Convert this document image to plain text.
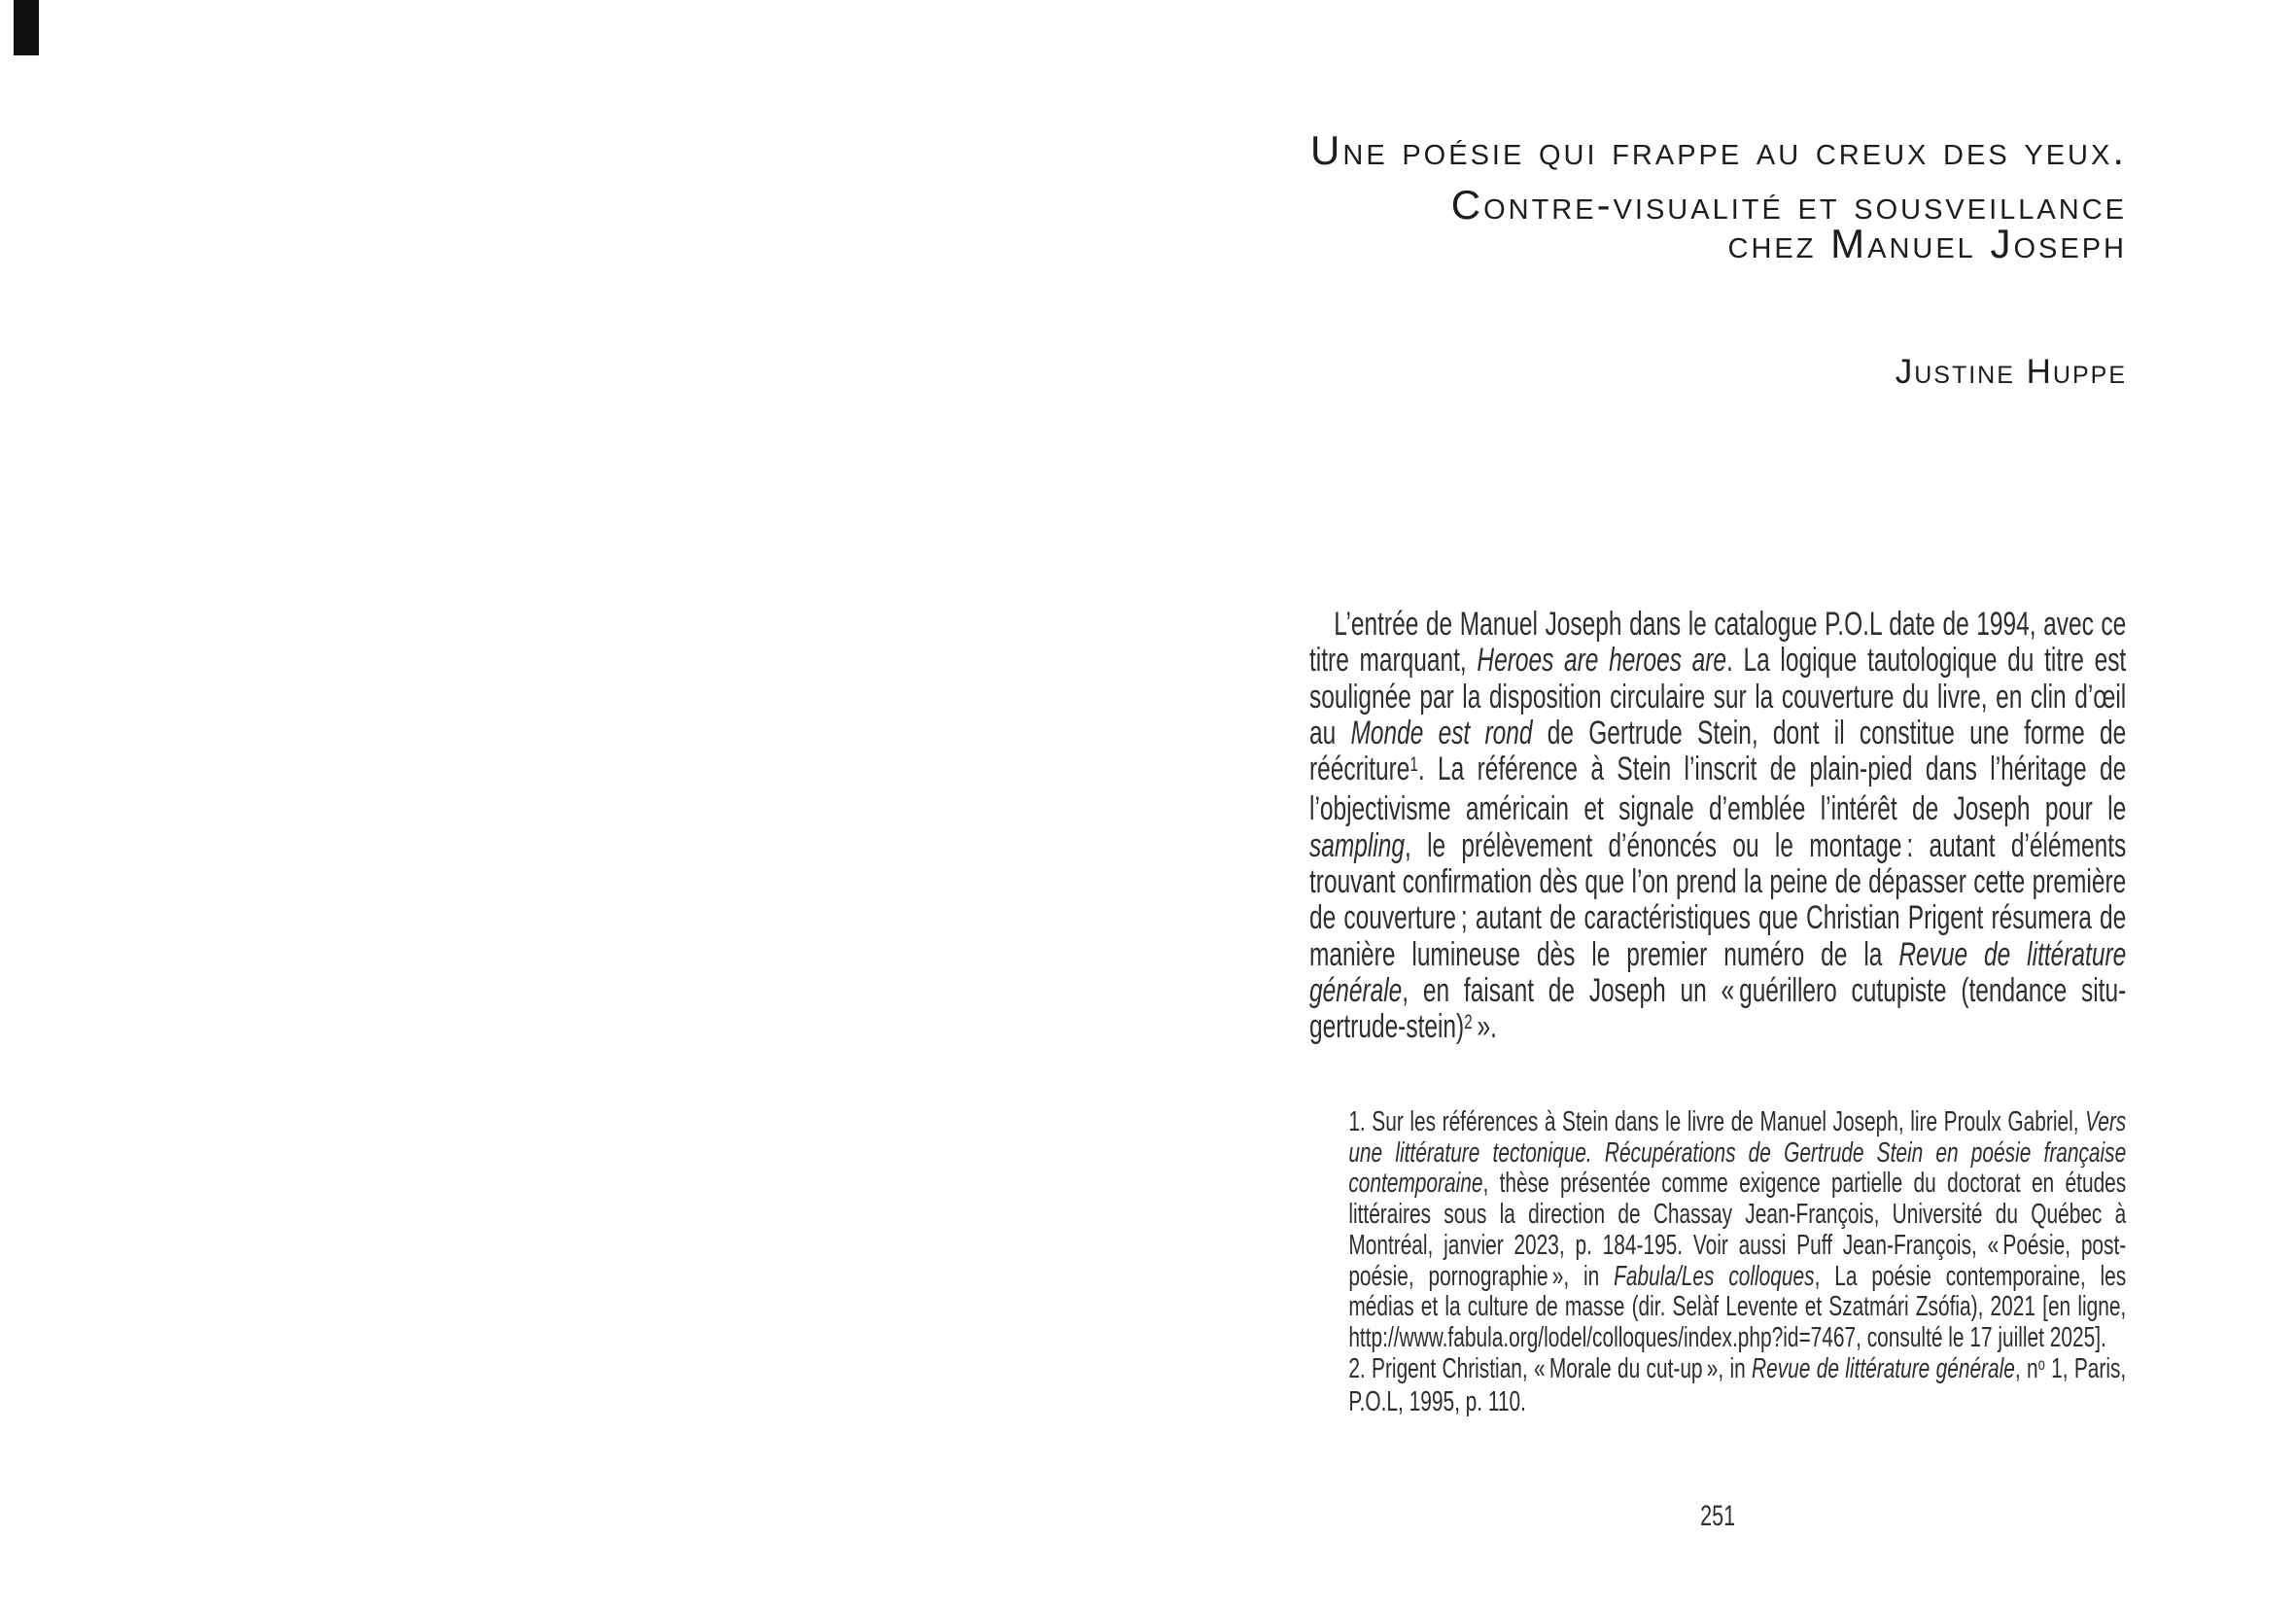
Une poésie qui frappe au creux des yeux.
Contre-visualité et sousveillance
chez Manuel Joseph
Justine Huppe

L’entrée de Manuel Joseph dans le catalogue P.O.L date de 1994, avec ce titre marquant, Heroes are heroes are. La logique tautologique du titre est soulignée par la disposition circulaire sur la couverture du livre, en clin d’œil au Monde est rond de Gertrude Stein, dont il constitue une forme de réécriture$^1$. La référence à Stein l’inscrit de plain-pied dans l’héritage de l’objectivisme américain et signale d’emblée l’intérêt de Joseph pour le sampling, le prélèvement d’énoncés ou le montage : autant d’éléments trouvant confirmation dès que l’on prend la peine de dépasser cette première de couverture ; autant de caractéristiques que Christian Prigent résumera de manière lumineuse dès le premier numéro de la Revue de littérature générale, en faisant de Joseph un « guérillero cutupiste (tendance situ-gertrude-stein)$^2$ ».

1. Sur les références à Stein dans le livre de Manuel Joseph, lire Proulx Gabriel, Vers une littérature tectonique. Récupérations de Gertrude Stein en poésie française contemporaine, thèse présentée comme exigence partielle du doctorat en études littéraires sous la direction de Chassay Jean-François, Université du Québec à Montréal, janvier 2023, p. 184-195. Voir aussi Puff Jean-François, « Poésie, post-poésie, pornographie », in Fabula/Les colloques, La poésie contemporaine, les médias et la culture de masse (dir. Selàf Levente et Szatmári Zsófia), 2021 [en ligne, http://www.fabula.org/lodel/colloques/index.php?id=7467, consulté le 17 juillet 2025].

2. Prigent Christian, « Morale du cut-up », in Revue de littérature générale, $n^o$ 1, Paris, P.O.L, 1995, p. 110.

251
